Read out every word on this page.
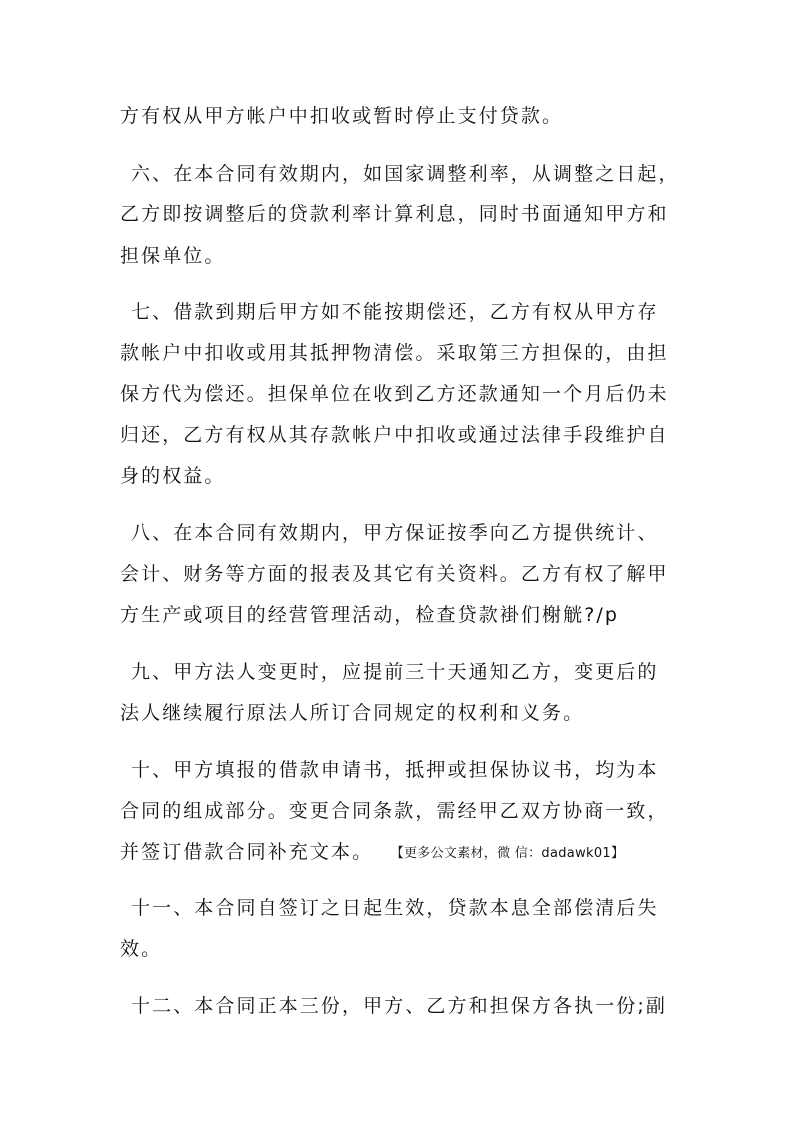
方有权从甲方帐户中扣收或暂时停止支付贷款。
六、在本合同有效期内，如国家调整利率，从调整之日起，
乙方即按调整后的贷款利率计算利息，同时书面通知甲方和
担保单位。
七、借款到期后甲方如不能按期偿还，乙方有权从甲方存
款帐户中扣收或用其抵押物清偿。采取第三方担保的，由担
保方代为偿还。担保单位在收到乙方还款通知一个月后仍未
归还，乙方有权从其存款帐户中扣收或通过法律手段维护自
身的权益。
八、在本合同有效期内，甲方保证按季向乙方提供统计、
会计、财务等方面的报表及其它有关资料。乙方有权了解甲
方生产或项目的经营管理活动，检查贷款褂们榭觥?/p
九、甲方法人变更时，应提前三十天通知乙方，变更后的
法人继续履行原法人所订合同规定的权利和义务。
十、甲方填报的借款申请书，抵押或担保协议书，均为本
合同的组成部分。变更合同条款，需经甲乙双方协商一致，
并签订借款合同补充文本。 【更多公文素材，微 信：dadawk01】
十一、本合同自签订之日起生效，贷款本息全部偿清后失
效。
十二、本合同正本三份，甲方、乙方和担保方各执一份;副
